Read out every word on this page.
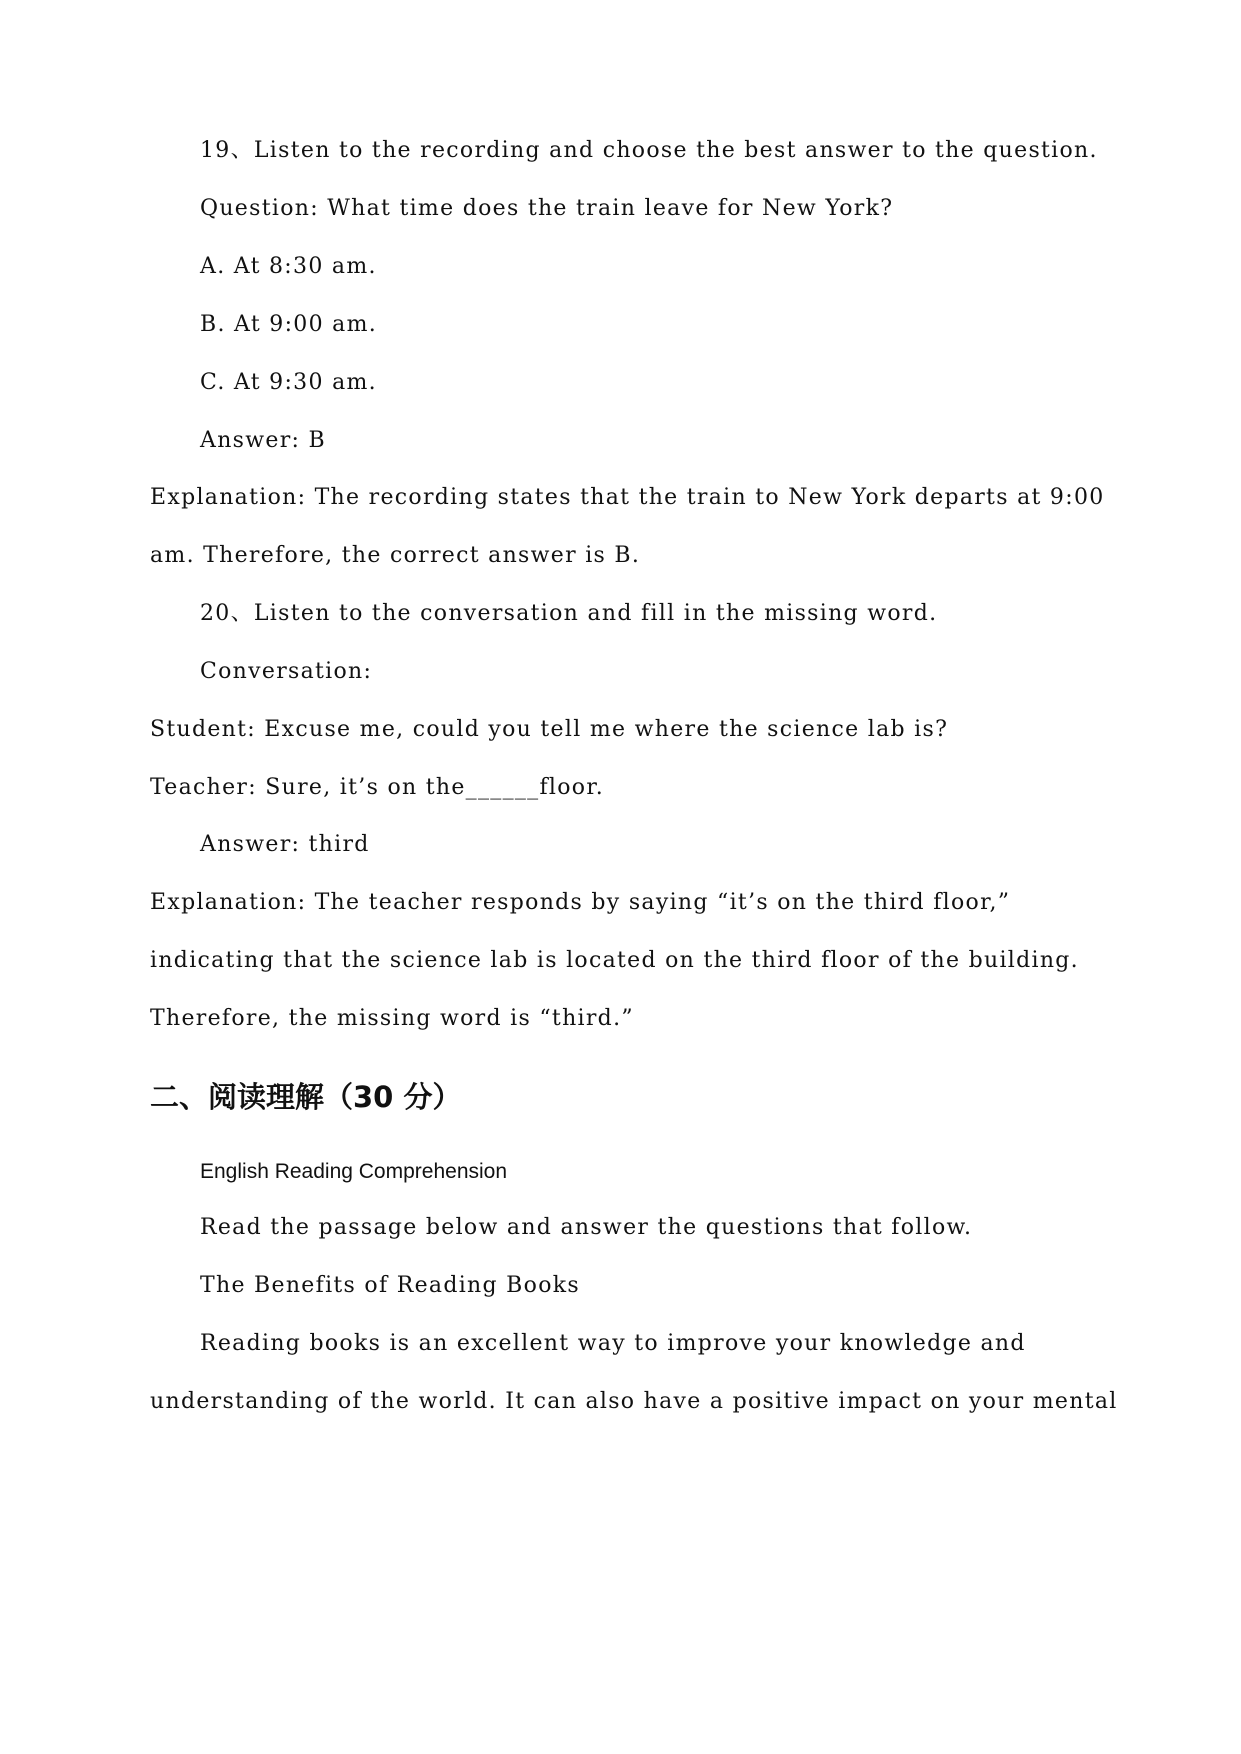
19、Listen to the recording and choose the best answer to the question.
Question: What time does the train leave for New York?
A. At 8:30 am.
B. At 9:00 am.
C. At 9:30 am.
Answer: B
Explanation: The recording states that the train to New York departs at 9:00
am. Therefore, the correct answer is B.
20、Listen to the conversation and fill in the missing word.
Conversation:
Student: Excuse me, could you tell me where the science lab is?
Teacher: Sure, it’s on the______floor.
Answer: third
Explanation: The teacher responds by saying “it’s on the third floor,”
indicating that the science lab is located on the third floor of the building.
Therefore, the missing word is “third.”
二、阅读理解（30 分）
English Reading Comprehension
Read the passage below and answer the questions that follow.
The Benefits of Reading Books
Reading books is an excellent way to improve your knowledge and
understanding of the world. It can also have a positive impact on your mental
